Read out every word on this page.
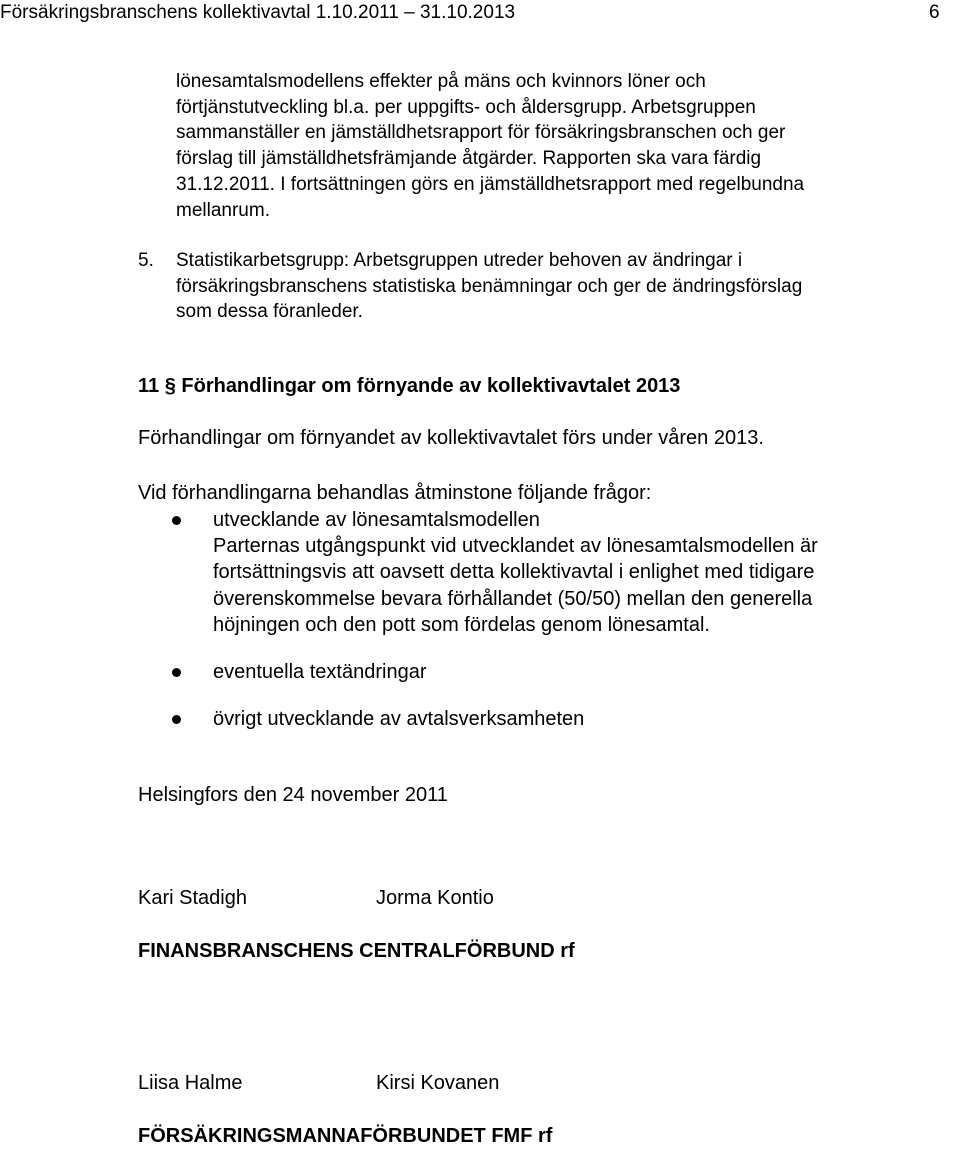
Försäkringsbranschens kollektivavtal 1.10.2011 – 31.10.2013	6
lönesamtalsmodellens effekter på mäns och kvinnors löner och
förtjänstutveckling bl.a. per uppgifts- och åldersgrupp. Arbetsgruppen
sammanställer en jämställdhetsrapport för försäkringsbranschen och ger
förslag till jämställdhetsfrämjande åtgärder. Rapporten ska vara färdig
31.12.2011. I fortsättningen görs en jämställdhetsrapport med regelbundna
mellanrum.
5. Statistikarbetsgrupp: Arbetsgruppen utreder behoven av ändringar i
försäkringsbranschens statistiska benämningar och ger de ändringsförslag
som dessa föranleder.
11 § Förhandlingar om förnyande av kollektivavtalet 2013
Förhandlingar om förnyandet av kollektivavtalet förs under våren 2013.
Vid förhandlingarna behandlas åtminstone följande frågor:
utvecklande av lönesamtalsmodellen
Parternas utgångspunkt vid utvecklandet av lönesamtalsmodellen är
fortsättningsvis att oavsett detta kollektivavtal i enlighet med tidigare
överenskommelse bevara förhållandet (50/50) mellan den generella
höjningen och den pott som fördelas genom lönesamtal.
eventuella textändringar
övrigt utvecklande av avtalsverksamheten
Helsingfors den 24 november 2011
Kari Stadigh	Jorma Kontio
FINANSBRANSCHENS CENTRALFÖRBUND rf
Liisa Halme	Kirsi Kovanen
FÖRSÄKRINGSMANNAFÖRBUNDET FMF rf
